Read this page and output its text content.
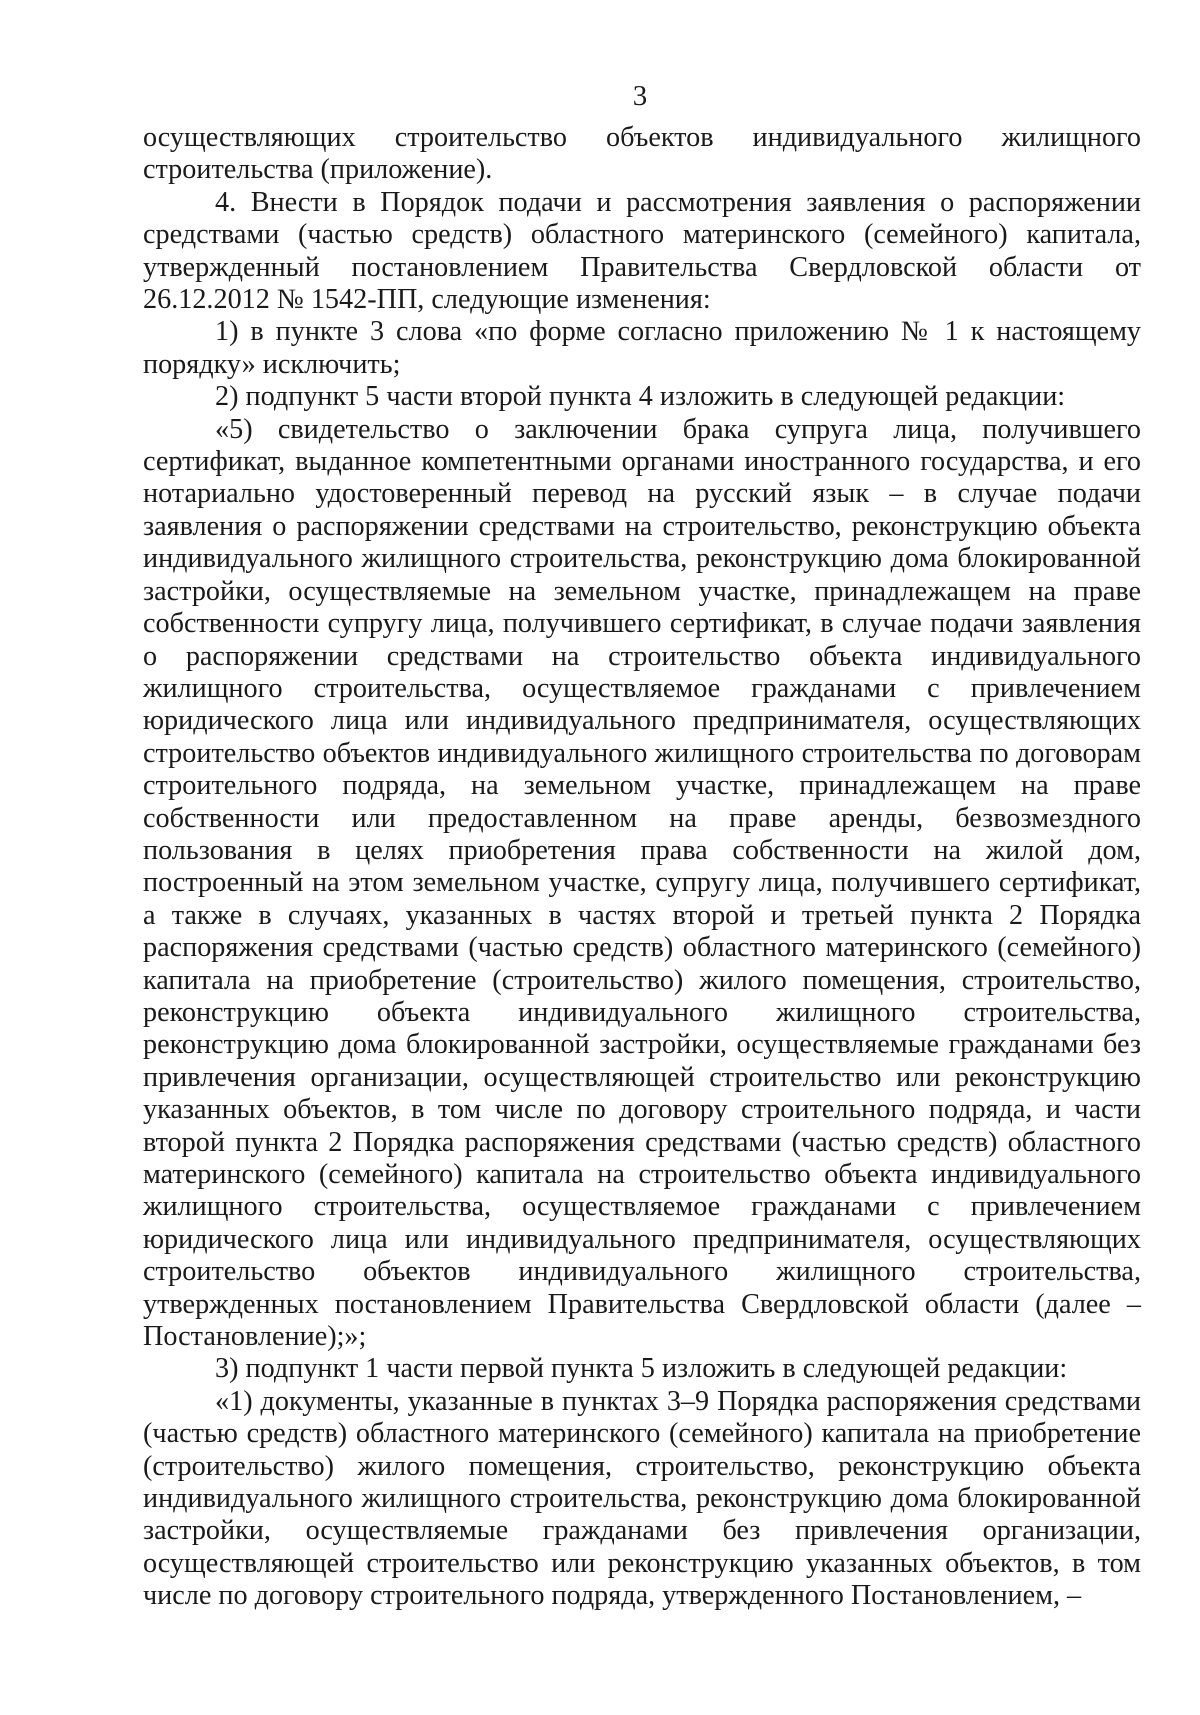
3

осуществляющих строительство объектов индивидуального жилищного строительства (приложение).

4. Внести в Порядок подачи и рассмотрения заявления о распоряжении средствами (частью средств) областного материнского (семейного) капитала, утвержденный постановлением Правительства Свердловской области от 26.12.2012 № 1542-ПП, следующие изменения:

1) в пункте 3 слова «по форме согласно приложению № 1 к настоящему порядку» исключить;

2) подпункт 5 части второй пункта 4 изложить в следующей редакции:

«5) свидетельство о заключении брака супруга лица, получившего сертификат, выданное компетентными органами иностранного государства, и его нотариально удостоверенный перевод на русский язык – в случае подачи заявления о распоряжении средствами на строительство, реконструкцию объекта индивидуального жилищного строительства, реконструкцию дома блокированной застройки, осуществляемые на земельном участке, принадлежащем на праве собственности супругу лица, получившего сертификат, в случае подачи заявления о распоряжении средствами на строительство объекта индивидуального жилищного строительства, осуществляемое гражданами с привлечением юридического лица или индивидуального предпринимателя, осуществляющих строительство объектов индивидуального жилищного строительства по договорам строительного подряда, на земельном участке, принадлежащем на праве собственности или предоставленном на праве аренды, безвозмездного пользования в целях приобретения права собственности на жилой дом, построенный на этом земельном участке, супругу лица, получившего сертификат, а также в случаях, указанных в частях второй и третьей пункта 2 Порядка распоряжения средствами (частью средств) областного материнского (семейного) капитала на приобретение (строительство) жилого помещения, строительство, реконструкцию объекта индивидуального жилищного строительства, реконструкцию дома блокированной застройки, осуществляемые гражданами без привлечения организации, осуществляющей строительство или реконструкцию указанных объектов, в том числе по договору строительного подряда, и части второй пункта 2 Порядка распоряжения средствами (частью средств) областного материнского (семейного) капитала на строительство объекта индивидуального жилищного строительства, осуществляемое гражданами с привлечением юридического лица или индивидуального предпринимателя, осуществляющих строительство объектов индивидуального жилищного строительства, утвержденных постановлением Правительства Свердловской области (далее – Постановление);»;

3) подпункт 1 части первой пункта 5 изложить в следующей редакции:

«1) документы, указанные в пунктах 3–9 Порядка распоряжения средствами (частью средств) областного материнского (семейного) капитала на приобретение (строительство) жилого помещения, строительство, реконструкцию объекта индивидуального жилищного строительства, реконструкцию дома блокированной застройки, осуществляемые гражданами без привлечения организации, осуществляющей строительство или реконструкцию указанных объектов, в том числе по договору строительного подряда, утвержденного Постановлением, –
